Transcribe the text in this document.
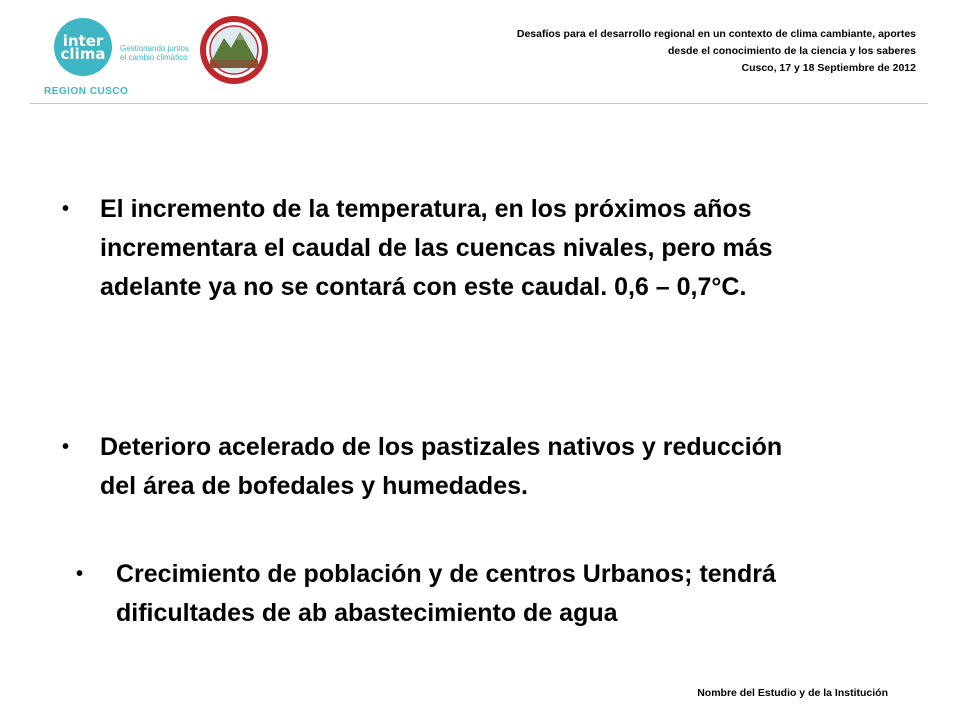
inter
clima	Gestionando juntos
el cambio climático
REGION CUSCO
Desafíos para el desarrollo regional en un contexto de clima cambiante, aportes
desde el conocimiento de la ciencia y los saberes
Cusco, 17 y 18 Septiembre de 2012
• El incremento de la temperatura, en los próximos años
incrementara el caudal de las cuencas nivales, pero más
adelante ya no se contará con este caudal. 0,6 – 0,7°C.
• Deterioro acelerado de los pastizales nativos y reducción
del área de bofedales y humedades.
• Crecimiento de población y de centros Urbanos; tendrá
dificultades de ab abastecimiento de agua
Nombre del Estudio y de la Institución
